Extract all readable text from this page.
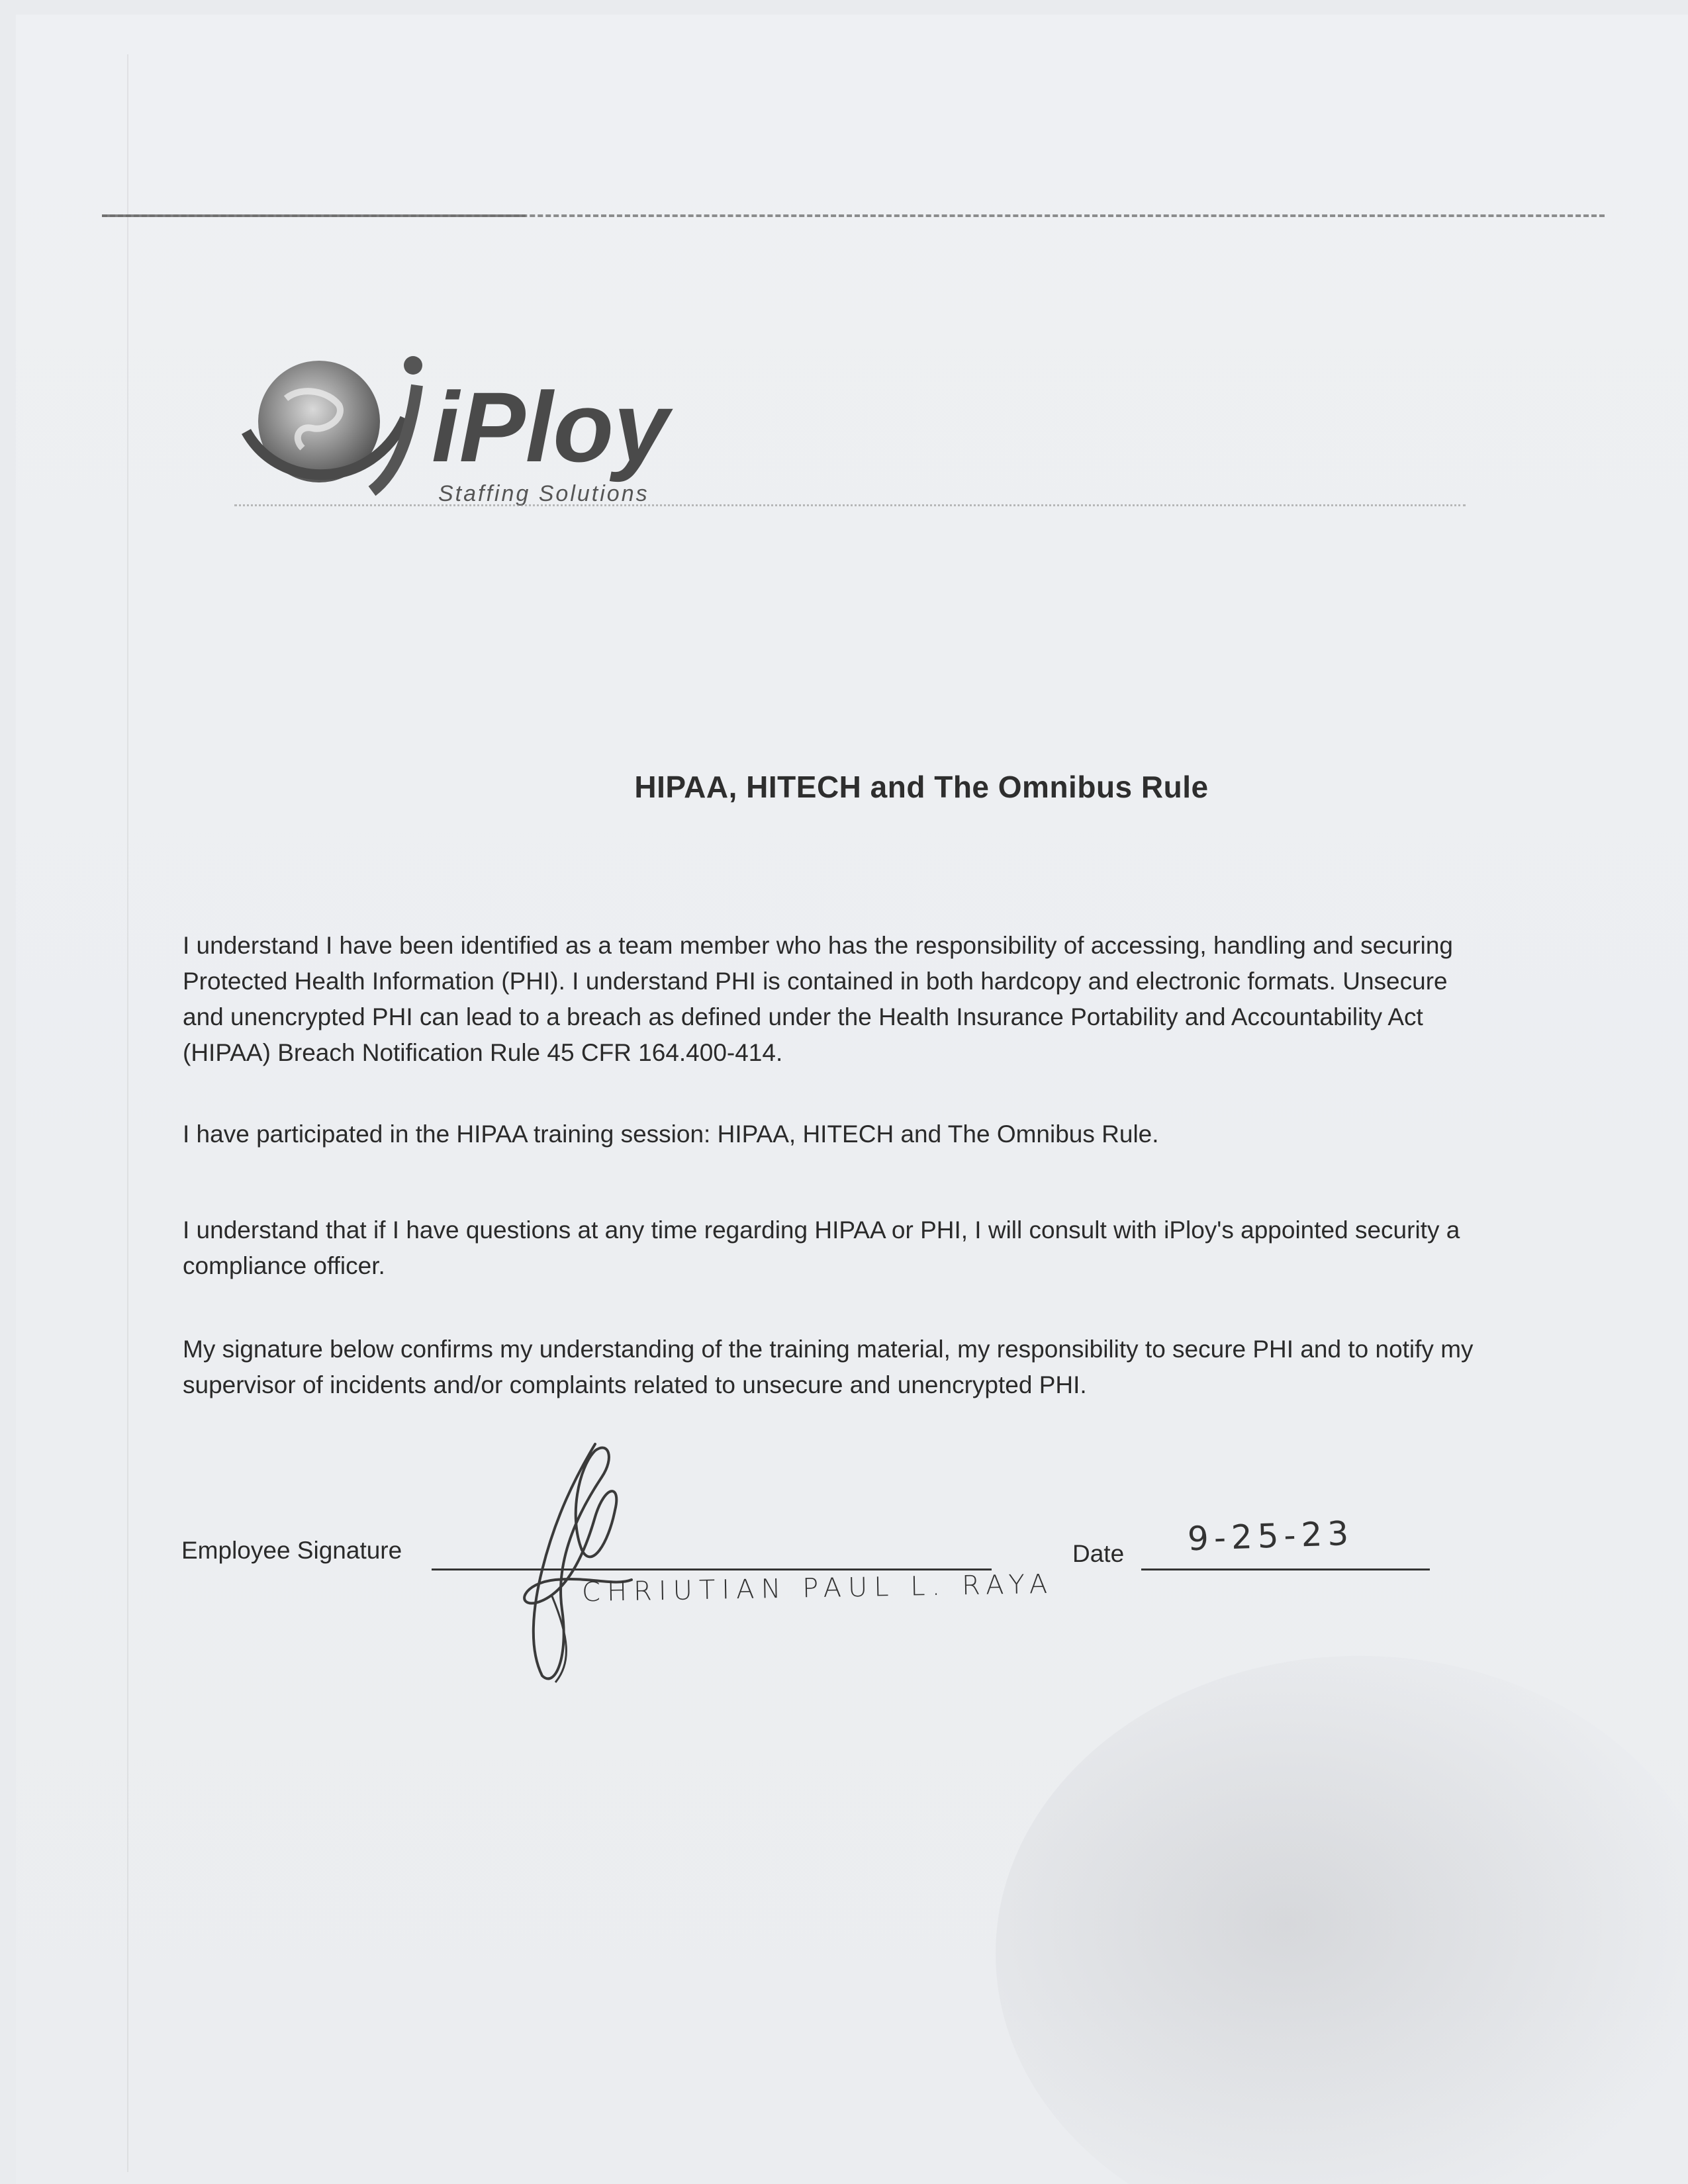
iPloy
Staffing Solutions
HIPAA, HITECH and The Omnibus Rule
I understand I have been identified as a team member who has the responsibility of accessing, handling and securing
Protected Health Information (PHI). I understand PHI is contained in both hardcopy and electronic formats. Unsecure
and unencrypted PHI can lead to a breach as defined under the Health Insurance Portability and Accountability Act
(HIPAA) Breach Notification Rule 45 CFR 164.400-414.
I have participated in the HIPAA training session: HIPAA, HITECH and The Omnibus Rule.
I understand that if I have questions at any time regarding HIPAA or PHI, I will consult with iPloy's appointed security a
compliance officer.
My signature below confirms my understanding of the training material, my responsibility to secure PHI and to notify my
supervisor of incidents and/or complaints related to unsecure and unencrypted PHI.
Employee Signature
CHRIUTIAN PAUL L. RAYA
Date 9-25-23
